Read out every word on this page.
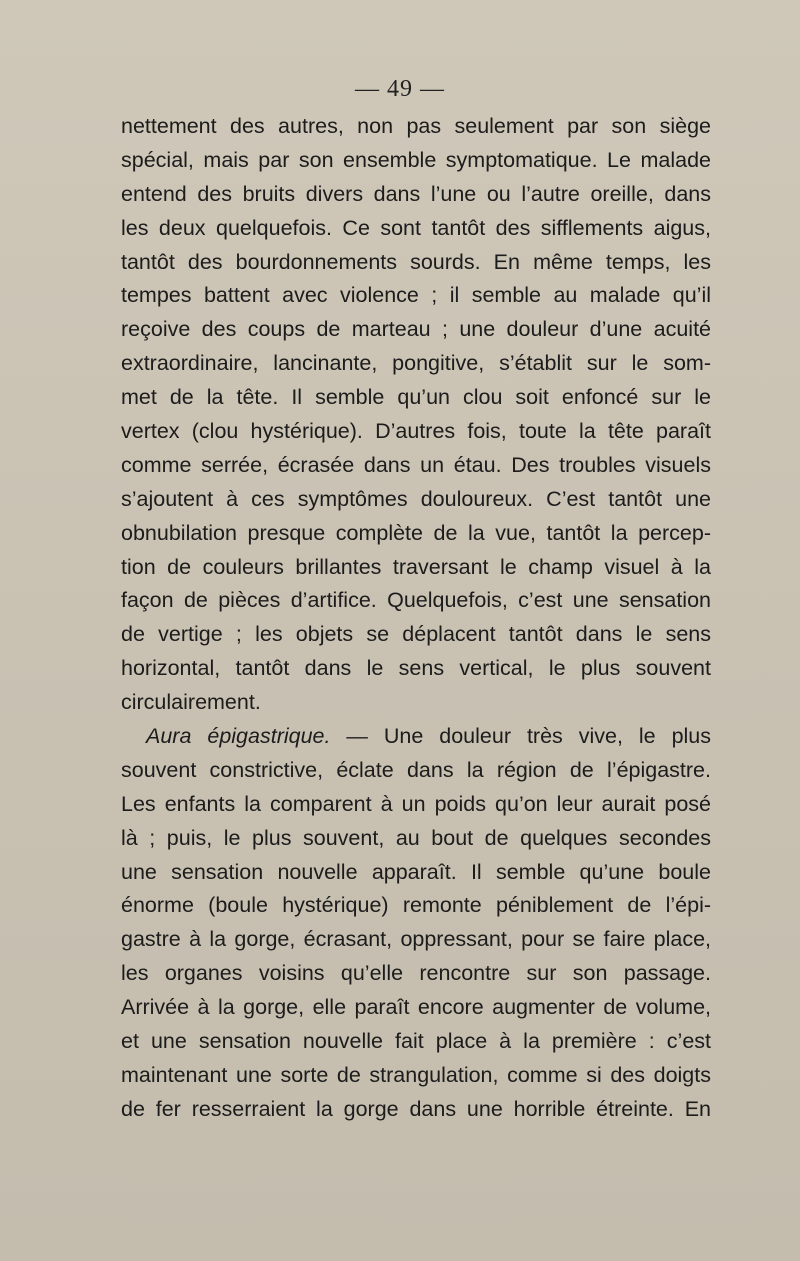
— 49 —
nettement des autres, non pas seulement par son siège
spécial, mais par son ensemble symptomatique. Le malade
entend des bruits divers dans l’une ou l’autre oreille, dans
les deux quelquefois. Ce sont tantôt des sifflements aigus,
tantôt des bourdonnements sourds. En même temps, les
tempes battent avec violence ; il semble au malade qu’il
reçoive des coups de marteau ; une douleur d’une acuité
extraordinaire, lancinante, pongitive, s’établit sur le som-
met de la tête. Il semble qu’un clou soit enfoncé sur le
vertex (clou hystérique). D’autres fois, toute la tête paraît
comme serrée, écrasée dans un étau. Des troubles visuels
s’ajoutent à ces symptômes douloureux. C’est tantôt une
obnubilation presque complète de la vue, tantôt la percep-
tion de couleurs brillantes traversant le champ visuel à la
façon de pièces d’artifice. Quelquefois, c’est une sensation
de vertige ; les objets se déplacent tantôt dans le sens
horizontal, tantôt dans le sens vertical, le plus souvent
circulairement.
Aura épigastrique. — Une douleur très vive, le plus
souvent constrictive, éclate dans la région de l’épigastre.
Les enfants la comparent à un poids qu’on leur aurait posé
là ; puis, le plus souvent, au bout de quelques secondes
une sensation nouvelle apparaît. Il semble qu’une boule
énorme (boule hystérique) remonte péniblement de l’épi-
gastre à la gorge, écrasant, oppressant, pour se faire place,
les organes voisins qu’elle rencontre sur son passage.
Arrivée à la gorge, elle paraît encore augmenter de volume,
et une sensation nouvelle fait place à la première : c’est
maintenant une sorte de strangulation, comme si des doigts
de fer resserraient la gorge dans une horrible étreinte. En
